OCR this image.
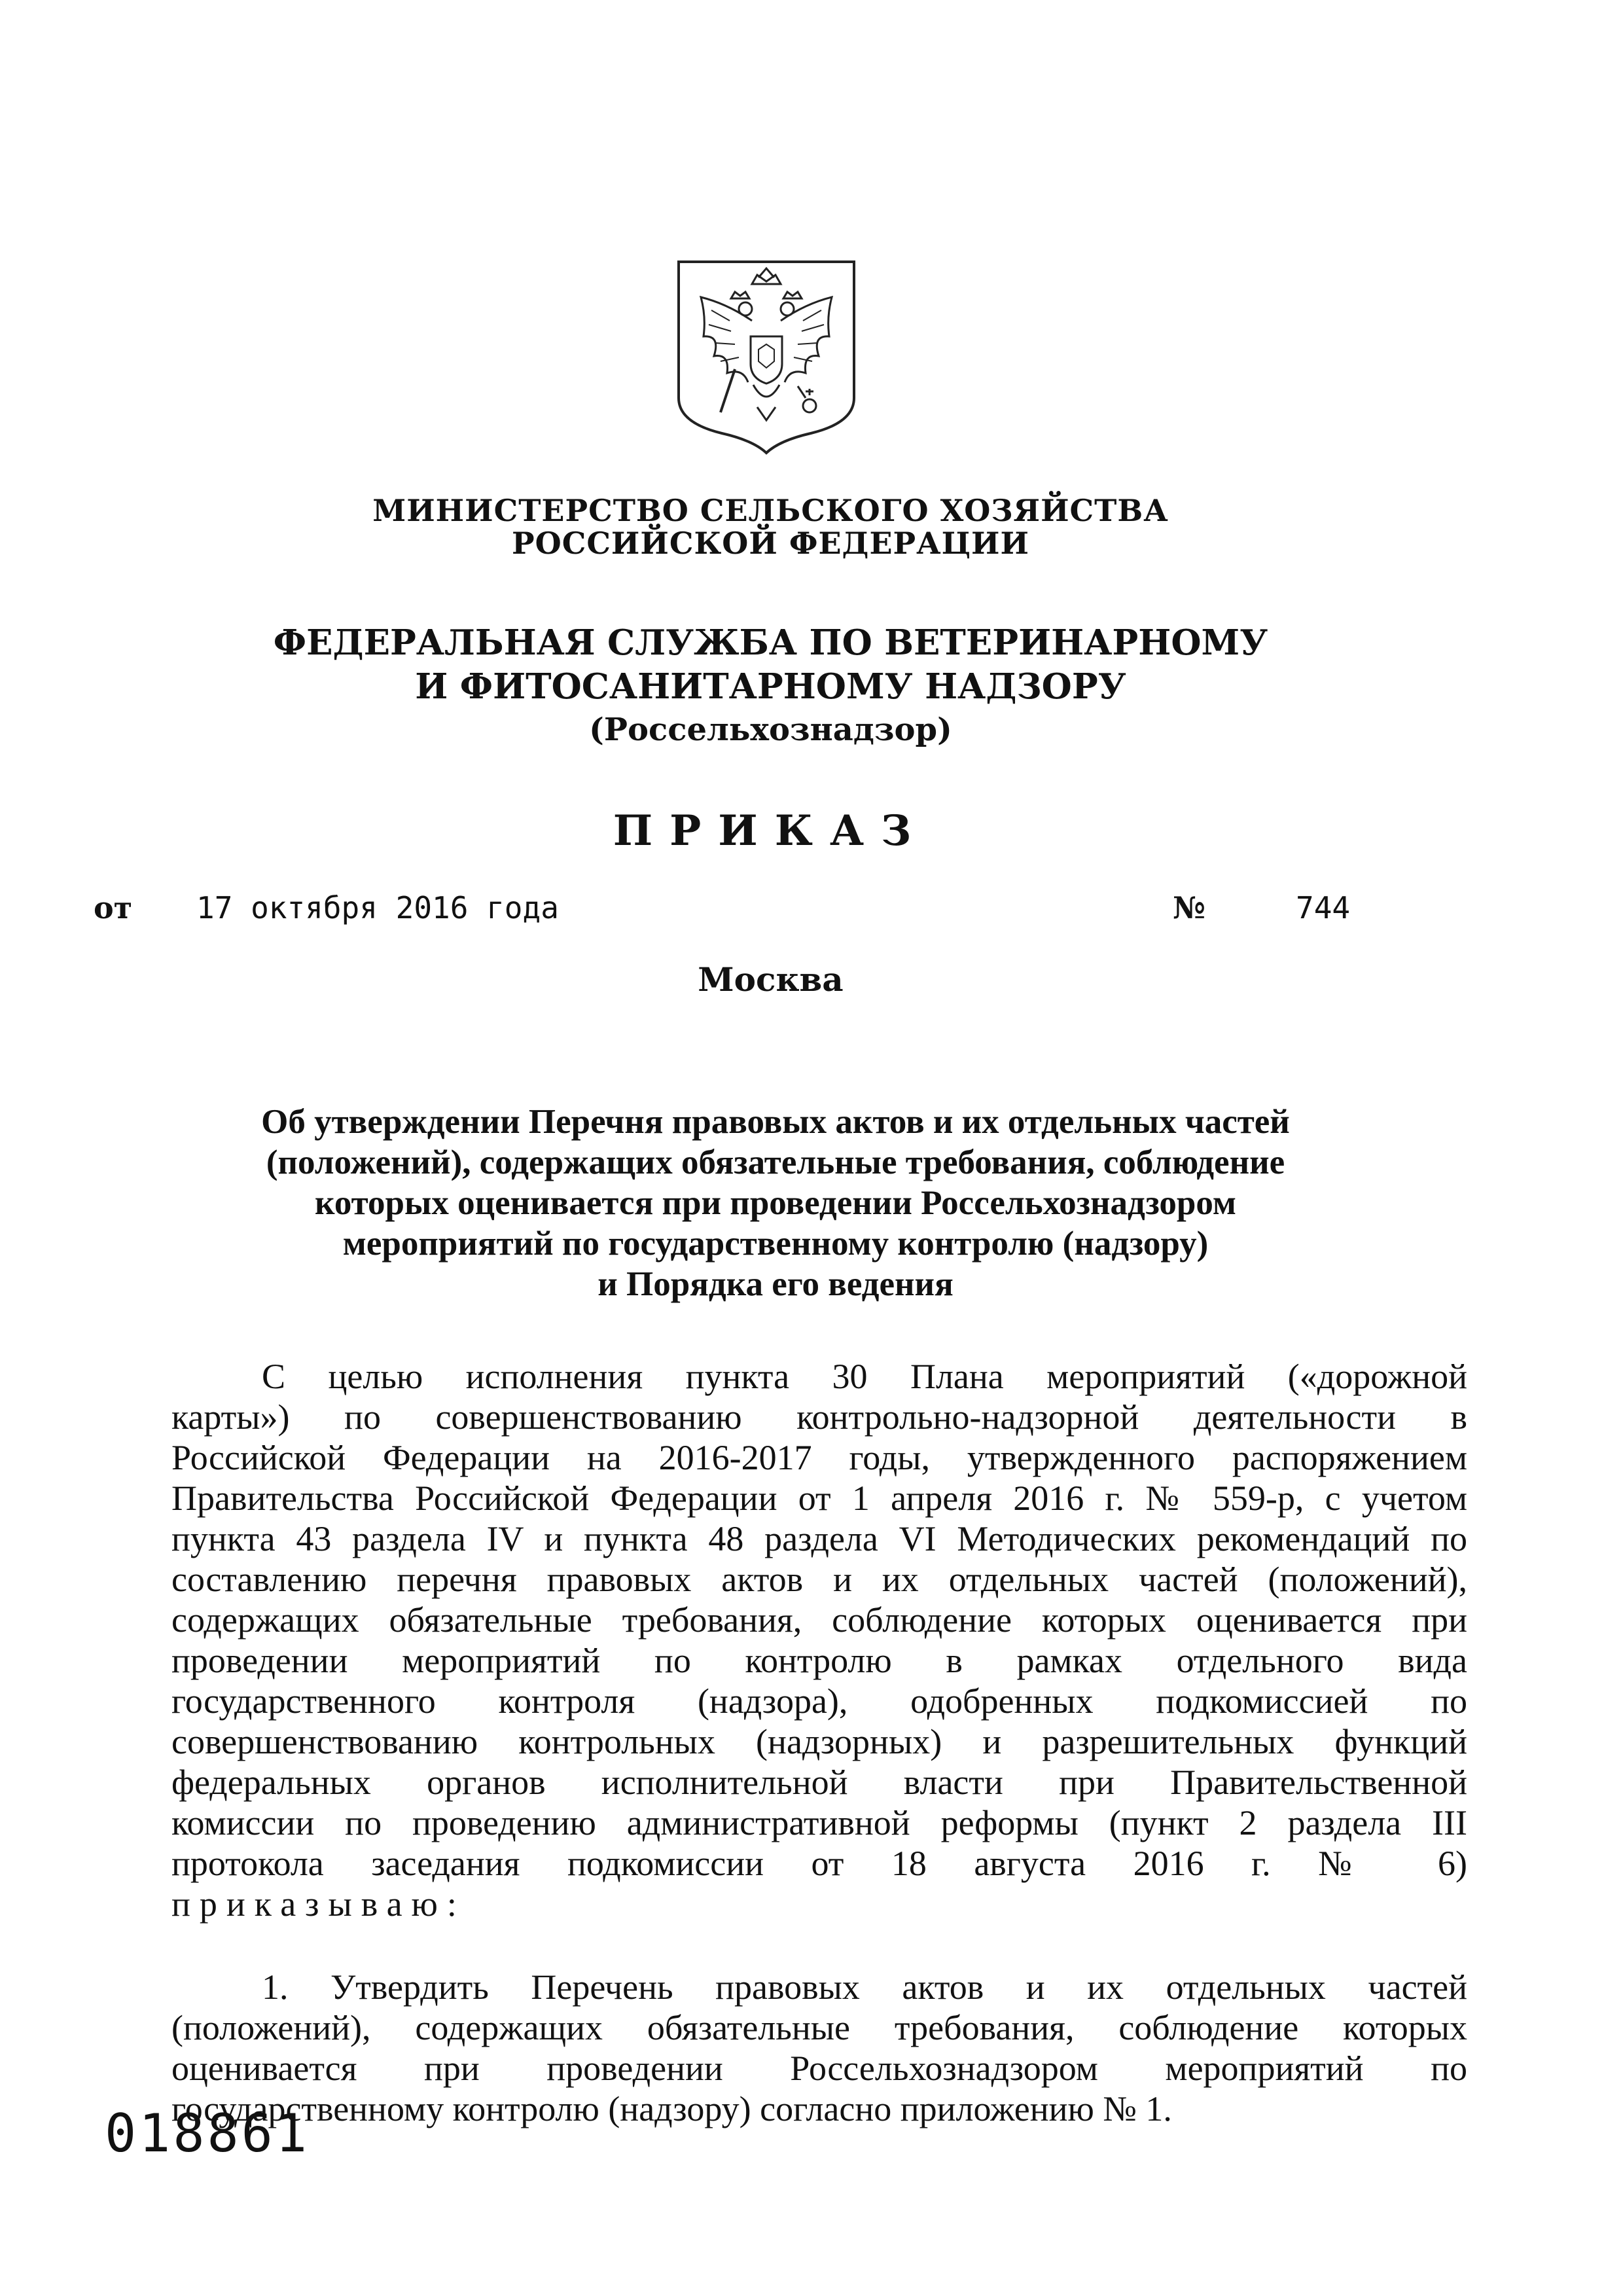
МИНИСТЕРСТВО СЕЛЬСКОГО ХОЗЯЙСТВА
РОССИЙСКОЙ ФЕДЕРАЦИИ
ФЕДЕРАЛЬНАЯ СЛУЖБА ПО ВЕТЕРИНАРНОМУ
И ФИТОСАНИТАРНОМУ НАДЗОРУ
(Россельхознадзор)
ПРИКАЗ
от 17 октября 2016 года	№	744
Москва
Об утверждении Перечня правовых актов и их отдельных частей
(положений), содержащих обязательные требования, соблюдение
которых оценивается при проведении Россельхознадзором
мероприятий по государственному контролю (надзору)
и Порядка его ведения
С целью исполнения пункта 30 Плана мероприятий («дорожной
карты») по совершенствованию контрольно-надзорной деятельности в
Российской Федерации на 2016-2017 годы, утвержденного распоряжением
Правительства Российской Федерации от 1 апреля 2016 г. № 559-р, с учетом
пункта 43 раздела IV и пункта 48 раздела VI Методических рекомендаций по
составлению перечня правовых актов и их отдельных частей (положений),
содержащих обязательные требования, соблюдение которых оценивается при
проведении мероприятий по контролю в рамках отдельного вида
государственного контроля (надзора), одобренных подкомиссией по
совершенствованию контрольных (надзорных) и разрешительных функций
федеральных органов исполнительной власти при Правительственной
комиссии по проведению административной реформы (пункт 2 раздела III
протокола заседания подкомиссии от 18 августа 2016 г. № 6)
приказываю:
1. Утвердить Перечень правовых актов и их отдельных частей
(положений), содержащих обязательные требования, соблюдение которых
оценивается при проведении Россельхознадзором мероприятий по
государственному контролю (надзору) согласно приложению № 1.
018861
